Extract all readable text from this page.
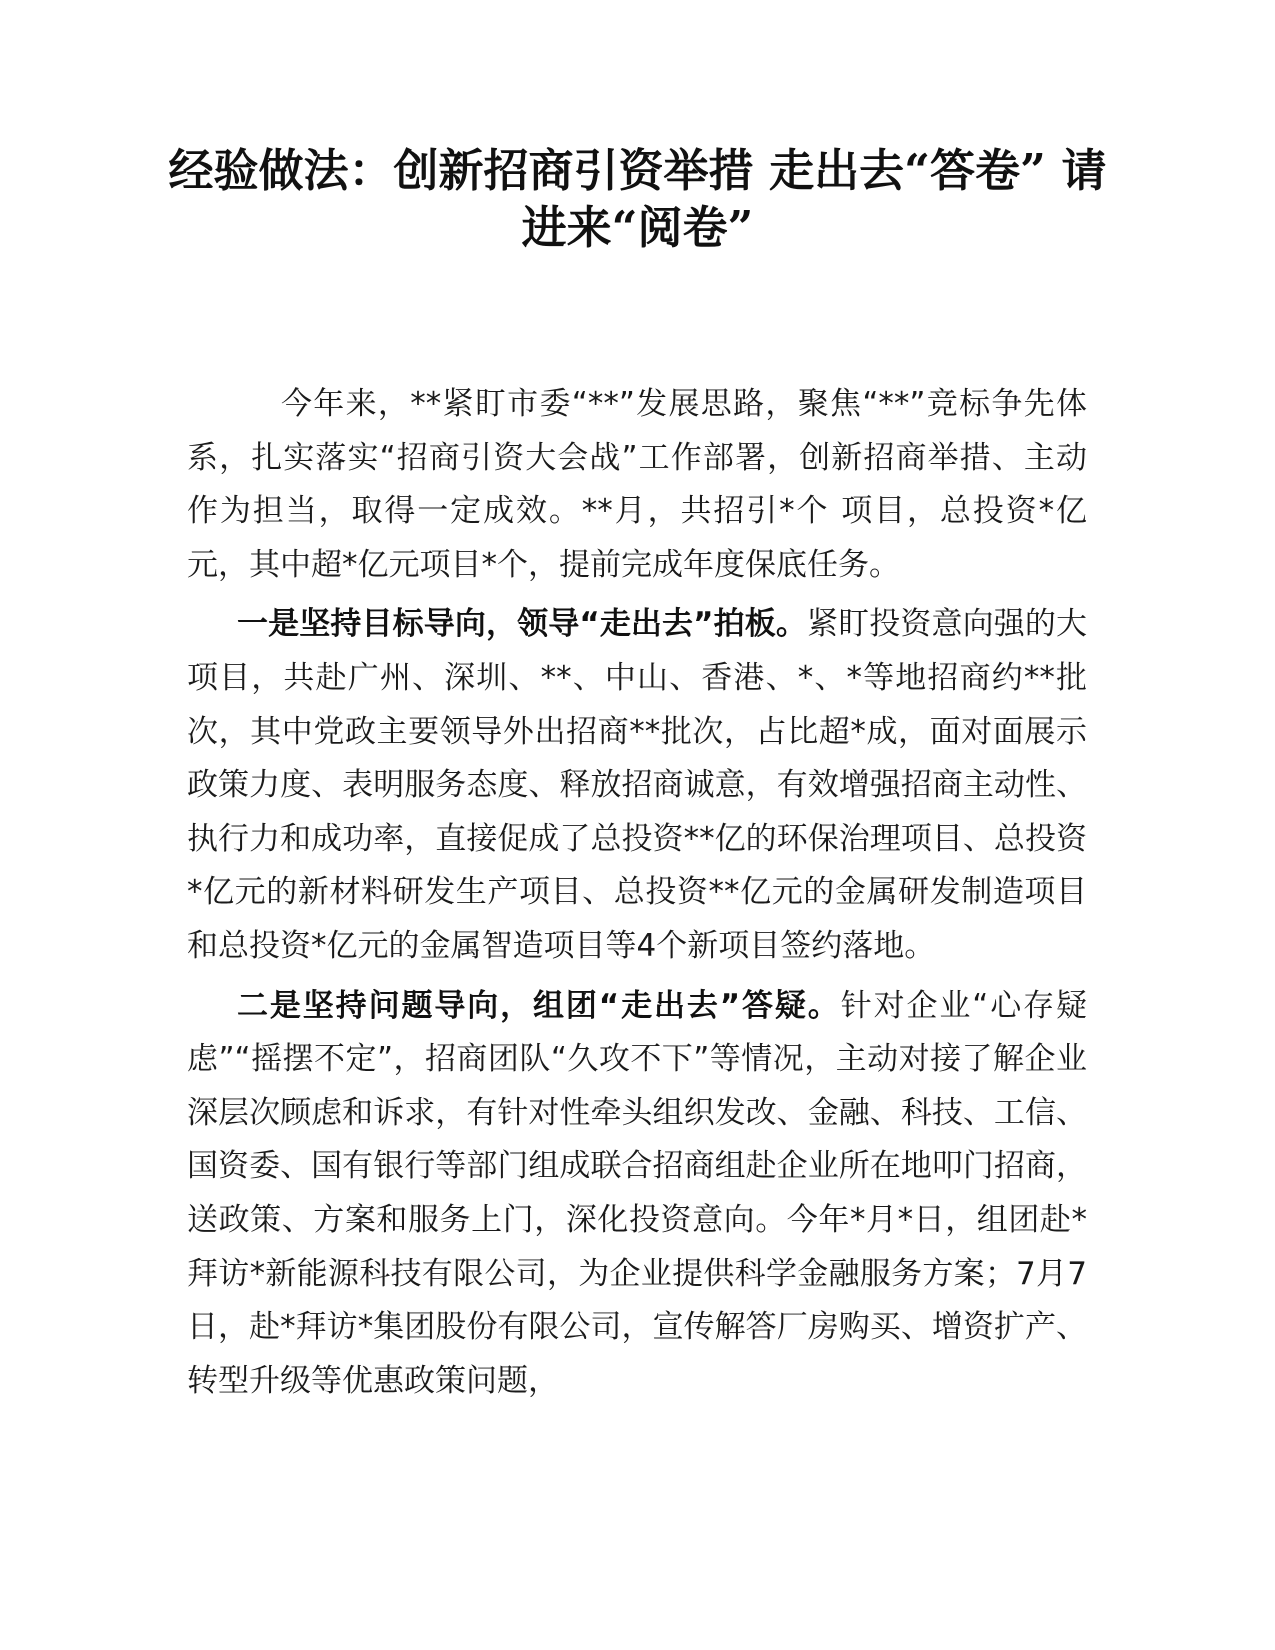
经验做法：创新招商引资举措 走出去“答卷” 请进来“阅卷”

今年来，**紧盯市委“**”发展思路，聚焦“**”竞标争先体系，扎实落实“招商引资大会战”工作部署，创新招商举措、主动作为担当，取得一定成效。**月，共招引*个 项目，总投资*亿元，其中超*亿元项目*个，提前完成年度保底任务。

一是坚持目标导向，领导“走出去”拍板。紧盯投资意向强的大项目，共赴广州、深圳、**、中山、香港、*、*等地招商约**批次，其中党政主要领导外出招商**批次，占比超*成，面对面展示政策力度、表明服务态度、释放招商诚意，有效增强招商主动性、执行力和成功率，直接促成了总投资**亿的环保治理项目、总投资*亿元的新材料研发生产项目、总投资**亿元的金属研发制造项目和总投资*亿元的金属智造项目等4个新项目签约落地。

二是坚持问题导向，组团“走出去”答疑。针对企业“心存疑虑”“摇摆不定”，招商团队“久攻不下”等情况，主动对接了解企业深层次顾虑和诉求，有针对性牵头组织发改、金融、科技、工信、国资委、国有银行等部门组成联合招商组赴企业所在地叩门招商，送政策、方案和服务上门，深化投资意向。今年*月*日，组团赴*拜访*新能源科技有限公司，为企业提供科学金融服务方案；7月7日，赴*拜访*集团股份有限公司，宣传解答厂房购买、增资扩产、转型升级等优惠政策问题，
